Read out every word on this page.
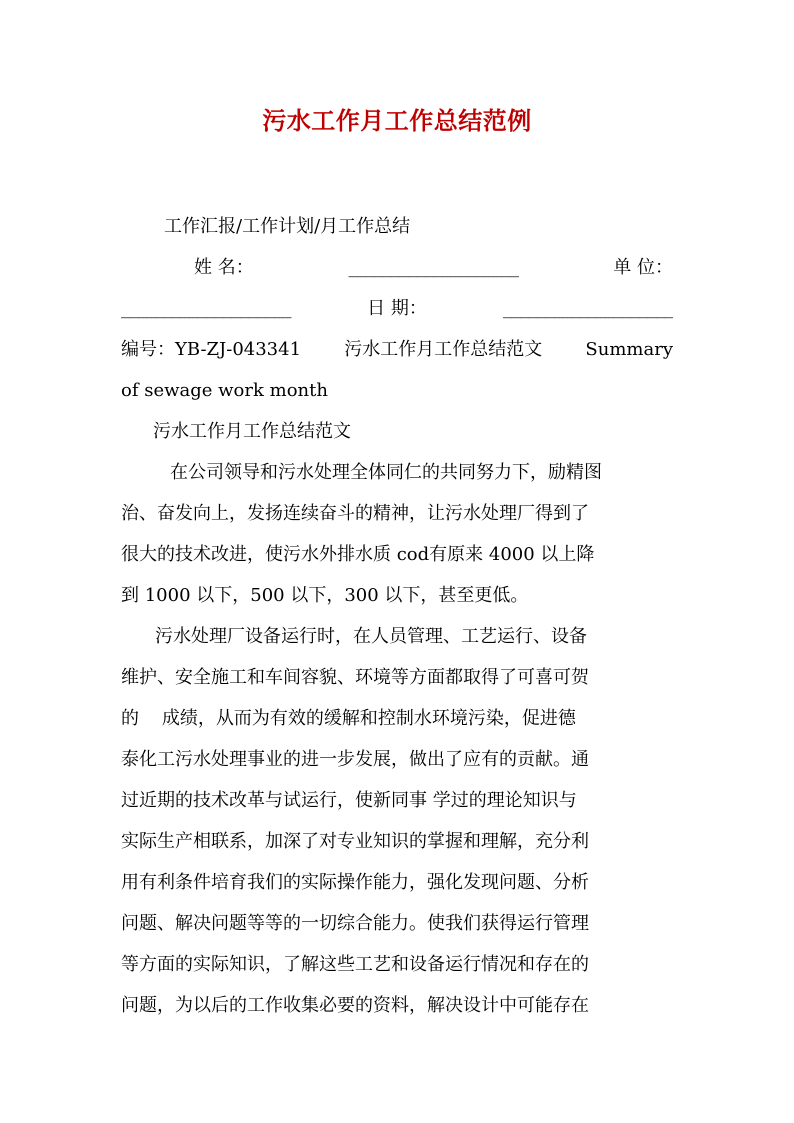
污水工作月工作总结范例
工作汇报/工作计划/月工作总结
姓 名：	____________________	单 位：
____________________	日 期：	____________________
编号：YB-ZJ-043341 污水工作月工作总结范文 Summary
of sewage work month
污水工作月工作总结范文
在公司领导和污水处理全体同仁的共同努力下，励精图
治、奋发向上，发扬连续奋斗的精神，让污水处理厂得到了
很大的技术改进，使污水外排水质 cod有原来 4000 以上降
到 1000 以下，500 以下，300 以下，甚至更低。
污水处理厂设备运行时，在人员管理、工艺运行、设备
维护、安全施工和车间容貌、环境等方面都取得了可喜可贺
的    成绩，从而为有效的缓解和控制水环境污染，促进德
泰化工污水处理事业的进一步发展，做出了应有的贡献。通
过近期的技术改革与试运行，使新同事 学过的理论知识与
实际生产相联系，加深了对专业知识的掌握和理解，充分利
用有利条件培育我们的实际操作能力，强化发现问题、分析
问题、解决问题等等的一切综合能力。使我们获得运行管理
等方面的实际知识，了解这些工艺和设备运行情况和存在的
问题，为以后的工作收集必要的资料，解决设计中可能存在
